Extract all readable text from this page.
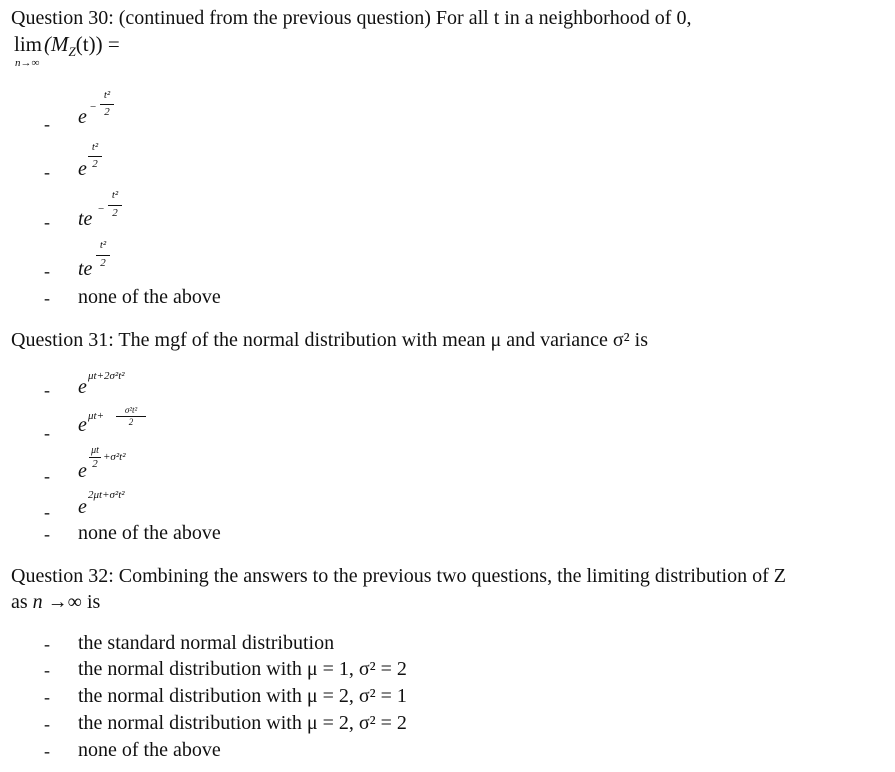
Question 30: (continued from the previous question) For all t in a neighborhood of 0,
$\lim(M_Z(t))$ =
n→∞
- e −
t²
2
- e
t²
2
- te −
t²
2
- te
t²
2
- none of the above
Question 31: The mgf of the normal distribution with mean μ and variance σ² is
- e μt+2σ²t²
- e μt+	σ²t²
2
- e
μt
2
+σ²t²
- e
2μt+σ²t²
- none of the above
Question 32: Combining the answers to the previous two questions, the limiting distribution of Z
as n →∞ is
- the standard normal distribution
- the normal distribution with μ = 1, σ² = 2
- the normal distribution with μ = 2, σ² = 1
- the normal distribution with μ = 2, σ² = 2
- none of the above
